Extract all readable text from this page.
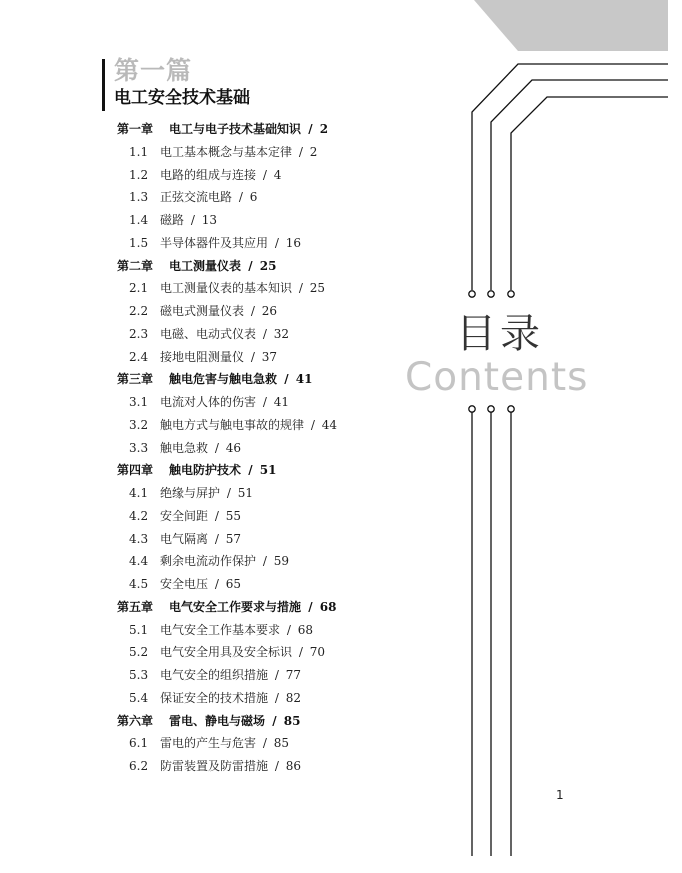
第一篇
电工安全技术基础
第一章 电工与电子技术基础知识 / 2
1.1 电工基本概念与基本定律 / 2
1.2 电路的组成与连接 / 4
1.3 正弦交流电路 / 6
1.4 磁路 / 13
1.5 半导体器件及其应用 / 16
第二章 电工测量仪表 / 25
2.1 电工测量仪表的基本知识 / 25
2.2 磁电式测量仪表 / 26
2.3 电磁、电动式仪表 / 32
2.4 接地电阻测量仪 / 37
第三章 触电危害与触电急救 / 41
3.1 电流对人体的伤害 / 41
3.2 触电方式与触电事故的规律 / 44
3.3 触电急救 / 46
第四章 触电防护技术 / 51
4.1 绝缘与屏护 / 51
4.2 安全间距 / 55
4.3 电气隔离 / 57
4.4 剩余电流动作保护 / 59
4.5 安全电压 / 65
第五章 电气安全工作要求与措施 / 68
5.1 电气安全工作基本要求 / 68
5.2 电气安全用具及安全标识 / 70
5.3 电气安全的组织措施 / 77
5.4 保证安全的技术措施 / 82
第六章 雷电、静电与磁场 / 85
6.1 雷电的产生与危害 / 85
6.2 防雷装置及防雷措施 / 86
目录
Contents
1
